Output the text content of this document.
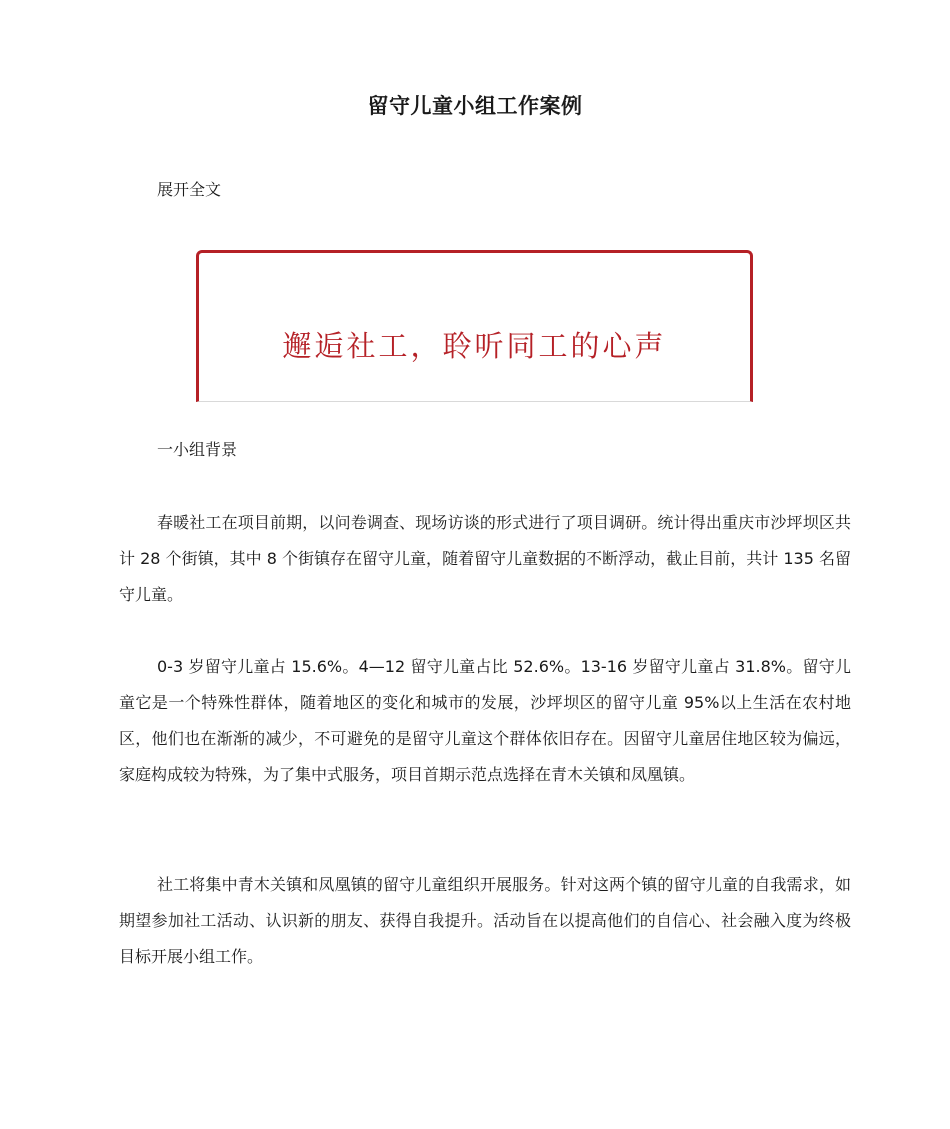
留守儿童小组工作案例
展开全文
邂逅社工，聆听同工的心声
一小组背景

春暖社工在项目前期，以问卷调查、现场访谈的形式进行了项目调研。统计得出重庆市沙坪坝区共计 28 个街镇，其中 8 个街镇存在留守儿童，随着留守儿童数据的不断浮动，截止目前，共计 135 名留守儿童。

0-3 岁留守儿童占 15.6%。4—12 留守儿童占比 52.6%。13-16 岁留守儿童占 31.8%。留守儿童它是一个特殊性群体，随着地区的变化和城市的发展，沙坪坝区的留守儿童 95%以上生活在农村地区，他们也在渐渐的减少，不可避免的是留守儿童这个群体依旧存在。因留守儿童居住地区较为偏远，家庭构成较为特殊，为了集中式服务，项目首期示范点选择在青木关镇和凤凰镇。

社工将集中青木关镇和凤凰镇的留守儿童组织开展服务。针对这两个镇的留守儿童的自我需求，如期望参加社工活动、认识新的朋友、获得自我提升。活动旨在以提高他们的自信心、社会融入度为终极目标开展小组工作。
